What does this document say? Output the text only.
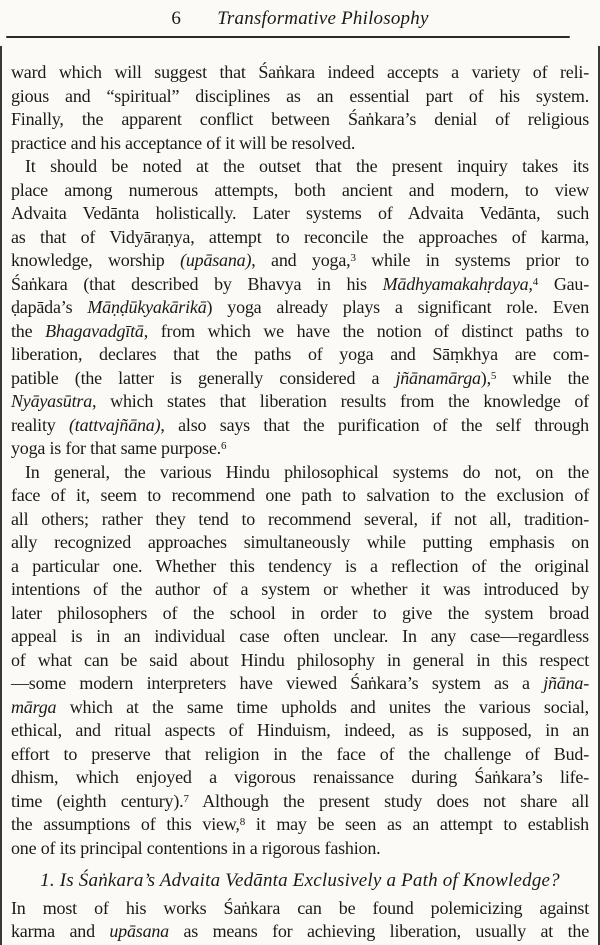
6 Transformative Philosophy
ward which will suggest that Śaṅkara indeed accepts a variety of reli-
gious and “spiritual” disciplines as an essential part of his system.
Finally, the apparent conflict between Śaṅkara’s denial of religious
practice and his acceptance of it will be resolved.
It should be noted at the outset that the present inquiry takes its
place among numerous attempts, both ancient and modern, to view
Advaita Vedānta holistically. Later systems of Advaita Vedānta, such
as that of Vidyāraṇya, attempt to reconcile the approaches of karma,
knowledge, worship (upāsana), and yoga,$^3$ while in systems prior to
Śaṅkara (that described by Bhavya in his Mādhyamakahṛdaya,$^4$ Gau-
ḍapāda’s Māṇḍūkyakārikā) yoga already plays a significant role. Even
the Bhagavadgītā, from which we have the notion of distinct paths to
liberation, declares that the paths of yoga and Sāṃkhya are com-
patible (the latter is generally considered a jñānamārga),$^5$ while the
Nyāyasūtra, which states that liberation results from the knowledge of
reality (tattvajñāna), also says that the purification of the self through
yoga is for that same purpose.$^6$
In general, the various Hindu philosophical systems do not, on the
face of it, seem to recommend one path to salvation to the exclusion of
all others; rather they tend to recommend several, if not all, tradition-
ally recognized approaches simultaneously while putting emphasis on
a particular one. Whether this tendency is a reflection of the original
intentions of the author of a system or whether it was introduced by
later philosophers of the school in order to give the system broad
appeal is in an individual case often unclear. In any case—regardless
of what can be said about Hindu philosophy in general in this respect
—some modern interpreters have viewed Śaṅkara’s system as a jñāna-
mārga which at the same time upholds and unites the various social,
ethical, and ritual aspects of Hinduism, indeed, as is supposed, in an
effort to preserve that religion in the face of the challenge of Bud-
dhism, which enjoyed a vigorous renaissance during Śaṅkara’s life-
time (eighth century).$^7$ Although the present study does not share all
the assumptions of this view,$^8$ it may be seen as an attempt to establish
one of its principal contentions in a rigorous fashion.
1. Is Śaṅkara’s Advaita Vedānta Exclusively a Path of Knowledge?
In most of his works Śaṅkara can be found polemicizing against
karma and upāsana as means for achieving liberation, usually at the
